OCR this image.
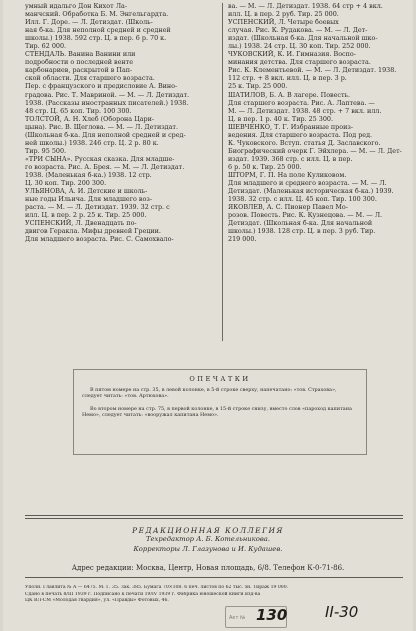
умный идальго Дон Кихот Ла-
манчский. Обработка Б. М. Энгельгардта.
Илл. Г. Доре. — Л. Детиздат. (Школь-
ная б-ка. Для неполной средней и средней
школы.) 1938. 592 стр. Ц. в пер. 6 р. 70 к.
Тир. 62 000.
СТЕНДАЛЬ. Ванина Ванини или
подробности о последней венте
карбонариев, раскрытой в Пап-
ской области. Для старшего возраста.
Пер. с французского и предисловие А. Вино-
градова. Рис. Т. Мавриной. — М. — Л. Детиздат.
1938. (Рассказы иностранных писателей.) 1938.
48 стр. Ц. 65 коп. Тир. 100 300.
ТОЛСТОЙ, А. Н. Хлеб (Оборона Цари-
цына). Рис. В. Щеглова. — М. — Л. Детиздат.
(Школьная б-ка. Для неполной средней и сред-
ней школы.) 1938. 246 стр. Ц. 2 р. 80 к.
Тир. 95 500.
«ТРИ СЫНА». Русская сказка. Для младше-
го возраста. Рис. А. Брея. — М. — Л. Детиздат.
1938. (Маленькая б-ка.) 1938. 12 стр.
Ц. 30 коп. Тир. 200 300.
УЛЬЯНОВА, А. И. Детские и школь-
ные годы Ильича. Для младшего воз-
раста. — М. — Л. Детиздат. 1939. 32 стр. с
илл. Ц. в пер. 2 р. 25 к. Тир. 25 000.
УСПЕНСКИЙ, Л. Двенадцать по-
двигов Геракла. Мифы древней Греции.
Для младшего возраста. Рис. С. Самохвало-
ва. — М. — Л. Детиздат. 1938. 64 стр + 4 вкл.
илл. Ц. в пер. 2 руб. Тир. 25 000.
УСПЕНСКИЙ, Л. Четыре боевых
случая. Рис. К. Рудакова. — М. — Л. Дет-
издат. (Школьная б-ка. Для начальной шко-
лы.) 1938. 24 стр. Ц. 30 коп. Тир. 252 000.
ЧУКОВСКИЙ, К. И. Гимназия. Воспо-
минания детства. Для старшего возраста.
Рис. К. Клементьевой. — М. — Л. Детиздат. 1938.
112 стр. + 8 вкл. илл. Ц. в пер. 3 р.
25 к. Тир. 25 000.
ШАТИЛОВ, Б. А. В лагере. Повесть.
Для старшего возраста. Рис. А. Лаптева. —
М. — Л. Детиздат. 1938. 48 стр. + 7 вкл. илл.
Ц. в пер. 1 р. 40 к. Тир. 25 300.
ШЕВЧЕНКО, Т. Г. Избранные произ-
ведения. Для старшего возраста. Под ред.
К. Чуковского. Вступ. статья Д. Заславского.
Биографический очерк Г. Эйхлера. — М. — Л. Дет-
издат. 1939. 368 стр. с илл. Ц. в пер.
6 р. 50 к. Тир. 25 000.
ШТОРМ, Г. П. На поле Куликовом.
Для младшего и среднего возраста. — М. — Л.
Детиздат. (Маленькая историческая б-ка.) 1939.
1938. 32 стр. с илл. Ц. 45 коп. Тир. 100 300.
ЯКОВЛЕВ, А. С. Пионер Павел Мо-
розов. Повесть. Рис. К. Кузнецова. — М. — Л.
Детиздат. (Школьная б-ка. Для начальной
школы.) 1938. 128 стр. Ц. в пер. 3 руб. Тир.
219 000.
ОПЕЧАТКИ

В пятом номере на стр. 35, в левой колонке, в 5-й строке сверху, напечатано: «тов. Страхова», следует читать: «тов. Артюхова».

Во втором номере на стр. 75, в первой колонке, в 15-й строке снизу, вместо слов «пароход капитана Немо», следует читать: «вооружал капитана Немо».

РЕДАКЦИОННАЯ КОЛЛЕГИЯ
Техредактор А. Б. Котельникова.
Корректоры Л. Глазунова и И. Кудашев.
Адрес редакции: Москва, Центр, Новая площадь, 6/8. Телефон К-0-71-86.
Уполн. Главлита № А — 6475. М. Г. 35. Зак. 385. Бумага 70×108. 6 печ. листов по 62 тыс. зн. Тираж 19 000.
Сдано в печать 8/III 1939 г. Подписано к печати 19/IV 1939 г. Фабрика юношеской книги изд-ва
ЦК ВЛ-СМ «Молодая гвардия», ул. «Правды» Фотовых, 46.
Акт № 130	II-30
